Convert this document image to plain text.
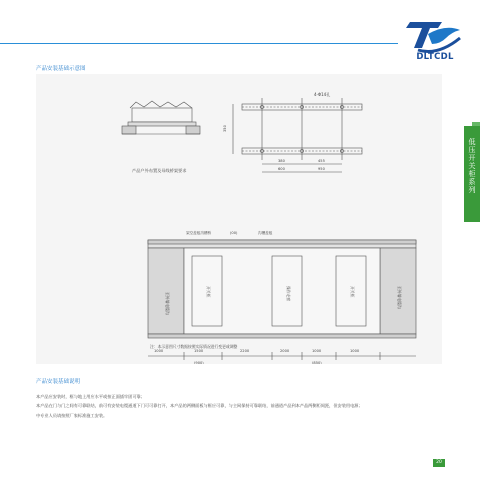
DLTCDL
产品安装基础示意图
产品户外布置及母线桥架要求
4-Φ14孔
350
380	455
600	950
架空盖板沟槽桥	(00)	沟槽盖板
至外墙电缆沟
开关柜	操作走廊	开关柜	至外墙电缆沟
1000	1500	2200	2000	1000	1000
(900)	(850)
注：本示意图尺寸数据按照实际情况进行变更或调整
低压开关柜系列
产品安装基础说明
本产品应安装时，框与地上用应水平或按正面插牢固可靠；
本产品在门与门之间有可靠联结，前可有安装电缆通道下门可可靠打开，本产品的两侧面板与框应可靠，与主网保持可靠联结，前通道产品到本产品两侧柜间距，但安装用电源；
中专业人员请按照厂家标准施工安装。
20
